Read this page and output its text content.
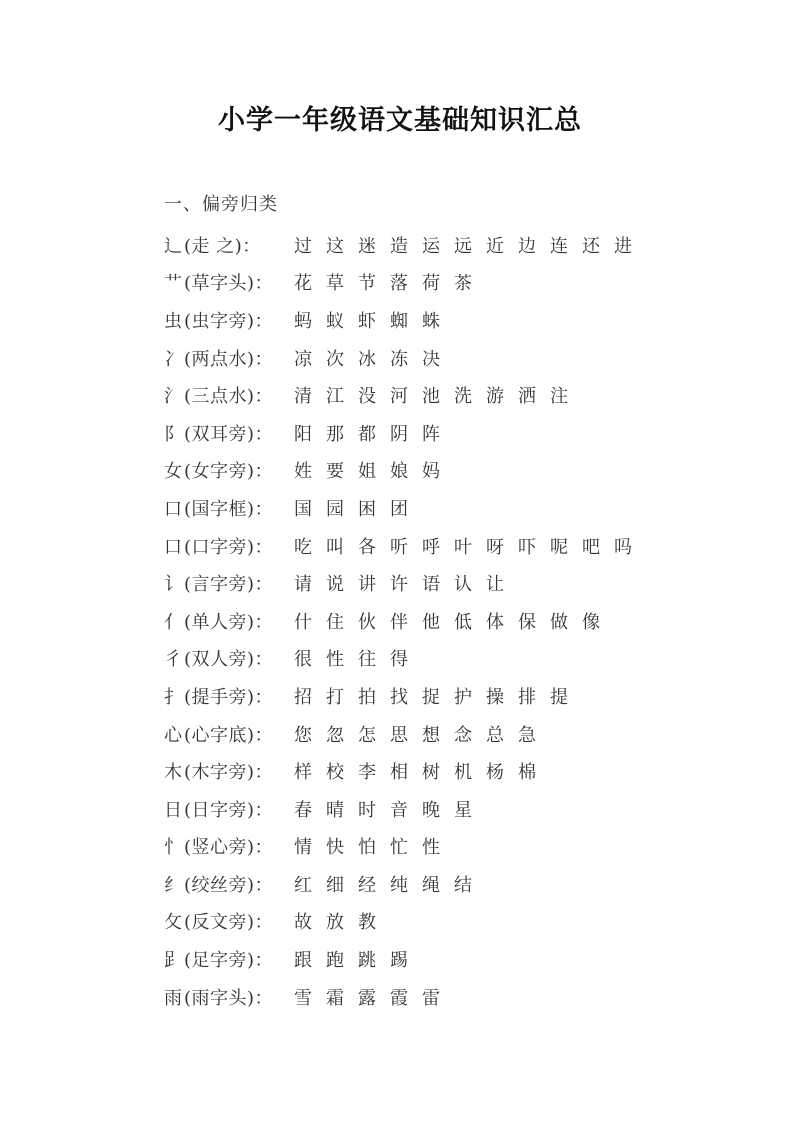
小学一年级语文基础知识汇总
一、偏旁归类
辶 (走 之)：	过 这 迷 造 运 远 近 边 连 还 进
艹 (草字头)：	花 草 节 落 荷 茶
虫 (虫字旁)：	蚂 蚁 虾 蜘 蛛
冫 (两点水)：	凉 次 冰 冻 决
氵 (三点水)：	清 江 没 河 池 洗 游 洒 注
阝 (双耳旁)：	阳 那 都 阴 阵
女 (女字旁)：	姓 要 姐 娘 妈
口 (国字框)：	国 园 困 团
口 (口字旁)：	吃 叫 各 听 呼 叶 呀 吓 呢 吧 吗
讠 (言字旁)：	请 说 讲 许 语 认 让
亻 (单人旁)：	什 住 伙 伴 他 低 体 保 做 像
彳 (双人旁)：	很 性 往 得
扌 (提手旁)：	招 打 拍 找 捉 护 操 排 提
心 (心字底)：	您 忽 怎 思 想 念 总 急
木 (木字旁)：	样 校 李 相 树 机 杨 棉
日 (日字旁)：	春 晴 时 音 晚 星
忄 (竖心旁)：	情 快 怕 忙 性
纟 (绞丝旁)：	红 细 经 纯 绳 结
攵 (反文旁)：	故 放 教
𧾷 (足字旁)：	跟 跑 跳 踢
雨 (雨字头)：	雪 霜 露 霞 雷
